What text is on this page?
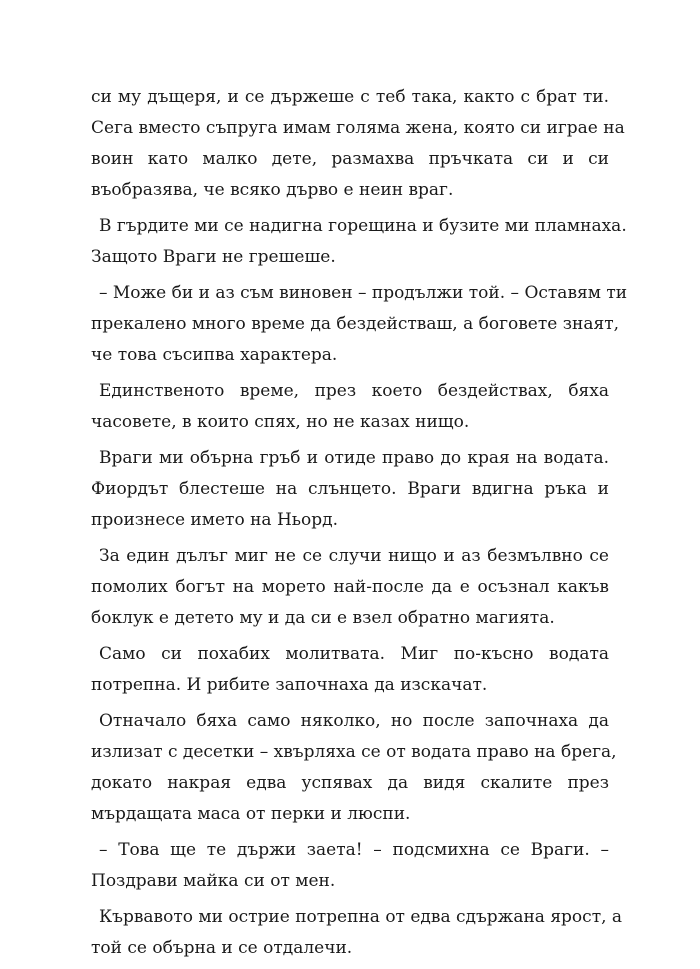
си му дъщеря, и се държеше с теб така, както с брат ти.
Сега вместо съпруга имам голяма жена, която си играе на
воин като малко дете, размахва пръчката си и си
въобразява, че всяко дърво е неин враг.
В гърдите ми се надигна горещина и бузите ми пламнаха.
Защото Враги не грешеше.
– Може би и аз съм виновен – продължи той. – Оставям ти
прекалено много време да бездействаш, а боговете знаят,
че това съсипва характера.
Единственото време, през което бездействах, бяха
часовете, в които спях, но не казах нищо.
Враги ми обърна гръб и отиде право до края на водата.
Фиордът блестеше на слънцето. Враги вдигна ръка и
произнесе името на Ньорд.
За един дълъг миг не се случи нищо и аз безмълвно се
помолих богът на морето най-после да е осъзнал какъв
боклук е детето му и да си е взел обратно магията.
Само си похабих молитвата. Миг по-късно водата
потрепна. И рибите започнаха да изскачат.
Отначало бяха само няколко, но после започнаха да
излизат с десетки – хвърляха се от водата право на брега,
докато накрая едва успявах да видя скалите през
мърдащата маса от перки и люспи.
– Това ще те държи заета! – подсмихна се Враги. –
Поздрави майка си от мен.
Кървавото ми острие потрепна от едва сдържана ярост, а
той се обърна и се отдалечи.
